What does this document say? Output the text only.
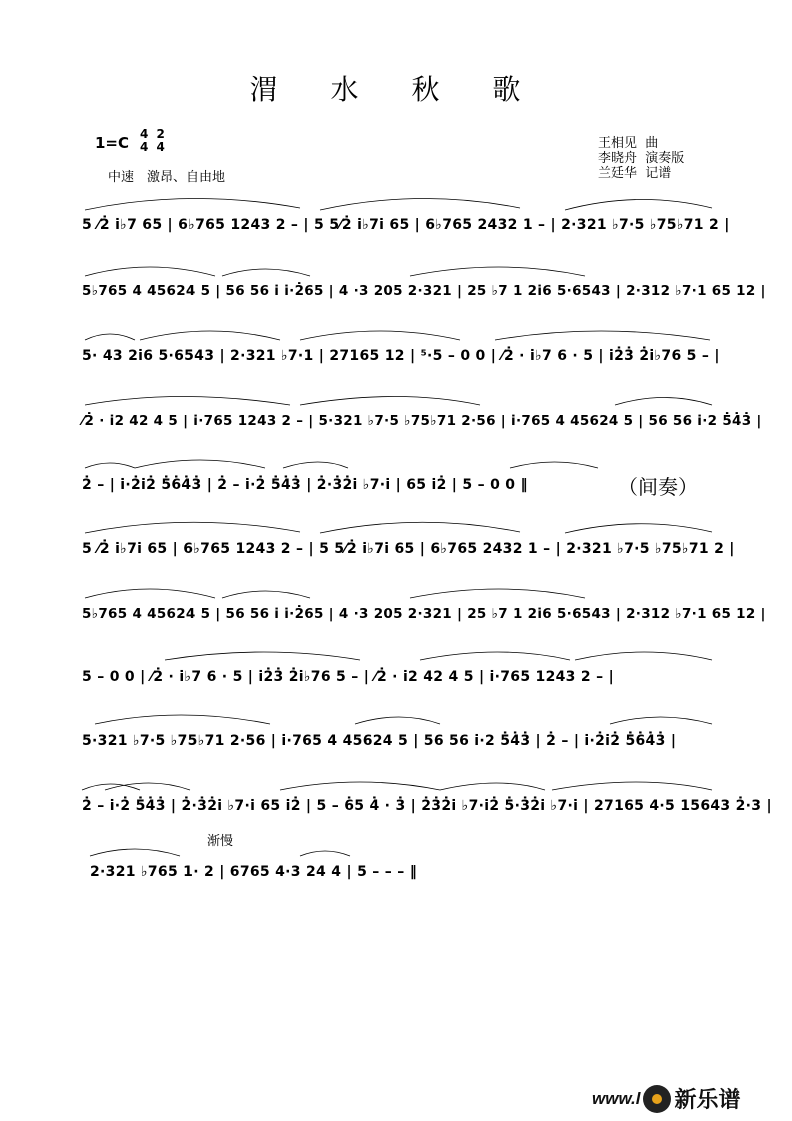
渭 水 秋 歌
1=C 4
4

2
4
中速　激昂、自由地
王相见  曲
李晓舟  演奏版
兰廷华  记谱
5 ⁄2̇ i̇♭7 65 | 6♭765 1243 2 – | 5 5⁄2̇ i̇♭7i̇ 65 | 6♭765 2432 1 – | 2·321 ♭7·5 ♭75♭71 2 |
5♭765 4 45624 5 | 56 56 i̇ i̇·2̇65 | 4 ·3 205 2·321 | 25 ♭7 1 2i̇6 5·6543 | 2·312 ♭7·1 65 12 |
5· 43 2i̇6 5·6543 | 2·321 ♭7·1 | 27165 12 | ⁵·5 – 0 0 | ⁄2̇ · i̇♭7 6 · 5 | i̇2̇3̇ 2̇i̇♭76 5 – |
⁄2̇ · i̇2 42 4 5 | i̇·765 1243 2 – | 5·321 ♭7·5 ♭75♭71 2·56 | i̇·765 4 45624 5 | 56 56 i̇·2 5̇4̇3̇ |
2̇ – | i̇·2̇i̇2̇ 5̇6̇4̇3̇ | 2̇ – i̇·2̇ 5̇4̇3̇ | 2̇·3̇2̇i̇ ♭7·i̇ | 65 i̇2̇ | 5 – 0 0 ‖
5 ⁄2̇ i̇♭7i̇ 65 | 6♭765 1243 2 – | 5 5⁄2̇ i̇♭7i̇ 65 | 6♭765 2432 1 – | 2·321 ♭7·5 ♭75♭71 2 |
5♭765 4 45624 5 | 56 56 i̇ i̇·2̇65 | 4 ·3 205 2·321 | 25 ♭7 1 2i̇6 5·6543 | 2·312 ♭7·1 65 12 |
5 – 0 0 | ⁄2̇ · i̇♭7 6 · 5 | i̇2̇3̇ 2̇i̇♭76 5 – | ⁄2̇ · i̇2 42 4 5 | i̇·765 1243 2 – |
5·321 ♭7·5 ♭75♭71 2·56 | i̇·765 4 45624 5 | 56 56 i̇·2 5̇4̇3̇ | 2̇ – | i̇·2̇i̇2̇ 5̇6̇4̇3̇ |
2̇ – i̇·2̇ 5̇4̇3̇ | 2̇·3̇2̇i̇ ♭7·i̇ 65 i̇2̇ | 5 – 6̇5 4̇ · 3̇ | 2̇3̇2̇i̇ ♭7·i̇2̇ 5̇·3̇2̇i̇ ♭7·i̇ | 27165 4·5 15643 2̇·3 |
2·321 ♭765 1· 2 | 6765 4·3 24 4 | 5 – – – ‖
（间奏）
渐慢
www.l 新乐谱
